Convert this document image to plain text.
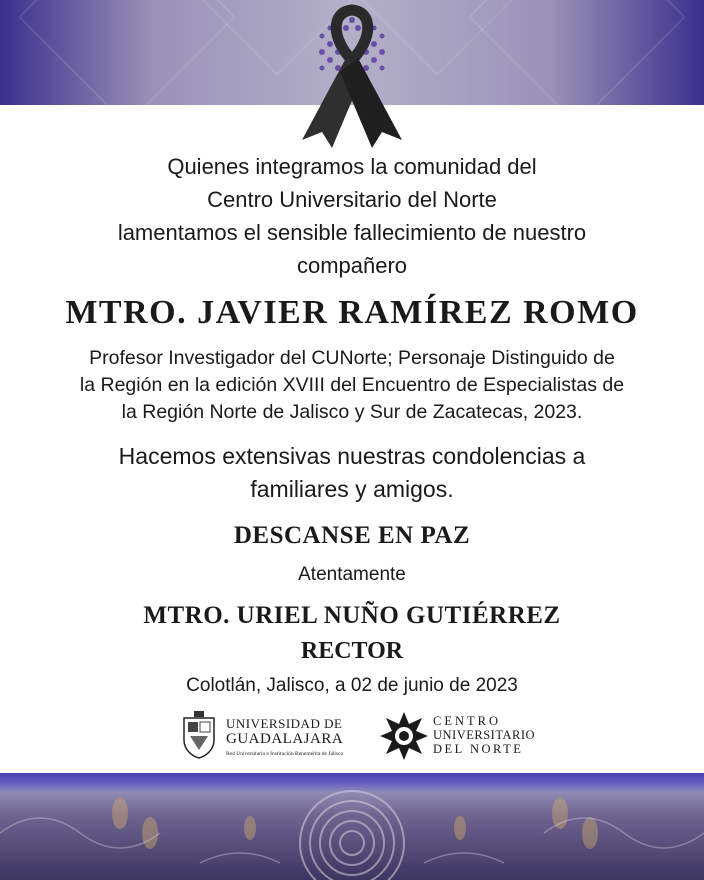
Quienes integramos la comunidad del
Centro Universitario del Norte
lamentamos el sensible fallecimiento de nuestro
compañero
MTRO. JAVIER RAMÍREZ ROMO
Profesor Investigador del CUNorte; Personaje Distinguido de
la Región en la edición XVIII del Encuentro de Especialistas de
la Región Norte de Jalisco y Sur de Zacatecas, 2023.
Hacemos extensivas nuestras condolencias a
familiares y amigos.
DESCANSE EN PAZ
Atentamente
MTRO. URIEL NUÑO GUTIÉRREZ
RECTOR
Colotlán, Jalisco, a 02 de junio de 2023
UNIVERSIDAD DE
GUADALAJARA
Red Universitaria e Institución Benemérita de Jalisco
CENTRO
UNIVERSITARIO
DEL NORTE
